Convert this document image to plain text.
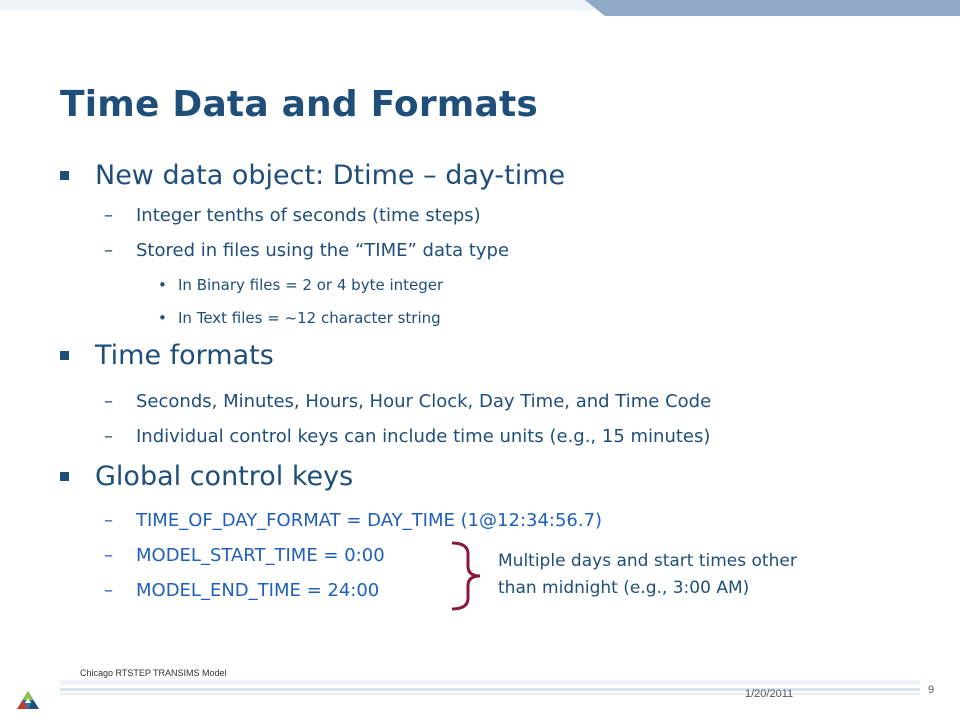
Time Data and Formats
New data object: Dtime – day-time
– Integer tenths of seconds (time steps)
– Stored in files using the “TIME” data type
• In Binary files = 2 or 4 byte integer
• In Text files = ~12 character string
Time formats
– Seconds, Minutes, Hours, Hour Clock, Day Time, and Time Code
– Individual control keys can include time units (e.g., 15 minutes)
Global control keys
– TIME_OF_DAY_FORMAT = DAY_TIME (1@12:34:56.7)
– MODEL_START_TIME = 0:00
– MODEL_END_TIME = 24:00
Multiple days and start times other
than midnight (e.g., 3:00 AM)
Chicago RTSTEP TRANSIMS Model
1/20/2011	9
